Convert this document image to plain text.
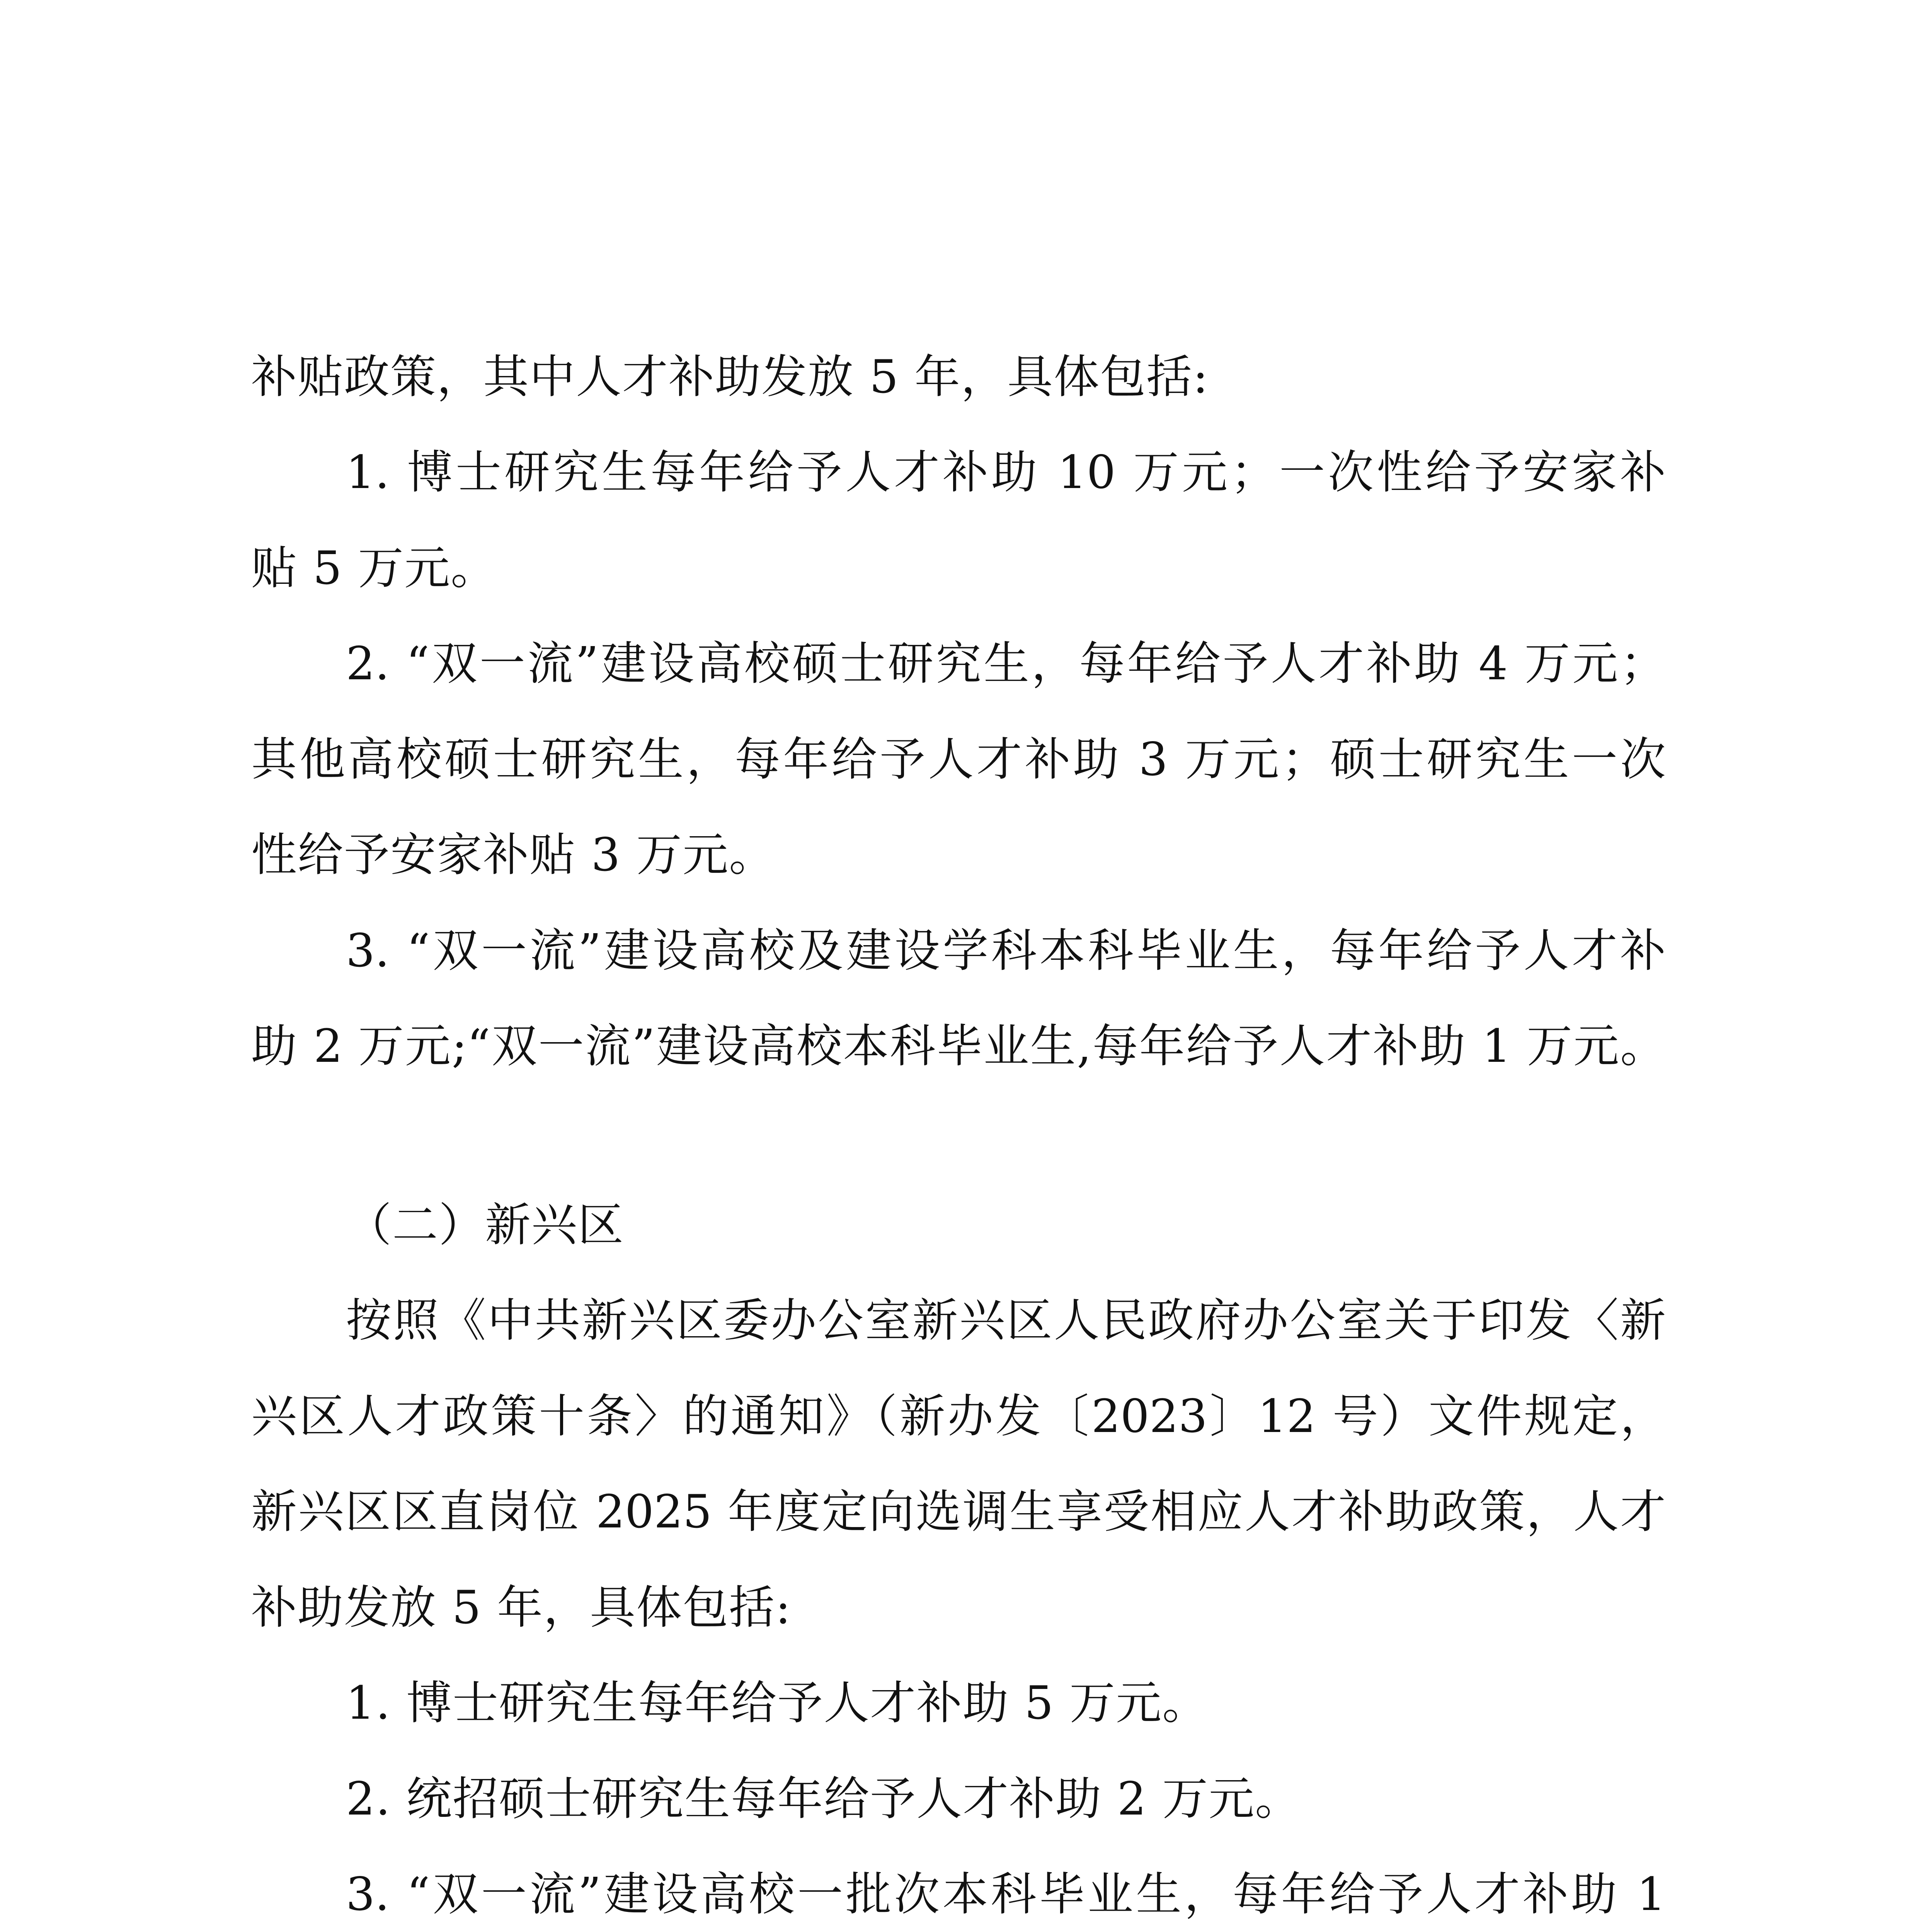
补贴政策，其中人才补助发放 5 年，具体包括:
1. 博士研究生每年给予人才补助 10 万元；一次性给予安家补
贴 5 万元。
2. “双一流”建设高校硕士研究生，每年给予人才补助 4 万元；
其他高校硕士研究生，每年给予人才补助 3 万元；硕士研究生一次
性给予安家补贴 3 万元。
3. “双一流”建设高校及建设学科本科毕业生，每年给予人才补
助 2 万元;“双一流”建设高校本科毕业生,每年给予人才补助 1 万元。
（二）新兴区
按照《中共新兴区委办公室新兴区人民政府办公室关于印发〈新
兴区人才政策十条〉的通知》（新办发〔2023〕12 号）文件规定，
新兴区区直岗位 2025 年度定向选调生享受相应人才补助政策，人才
补助发放 5 年，具体包括:
1. 博士研究生每年给予人才补助 5 万元。
2. 统招硕士研究生每年给予人才补助 2 万元。
3. “双一流”建设高校一批次本科毕业生，每年给予人才补助 1
